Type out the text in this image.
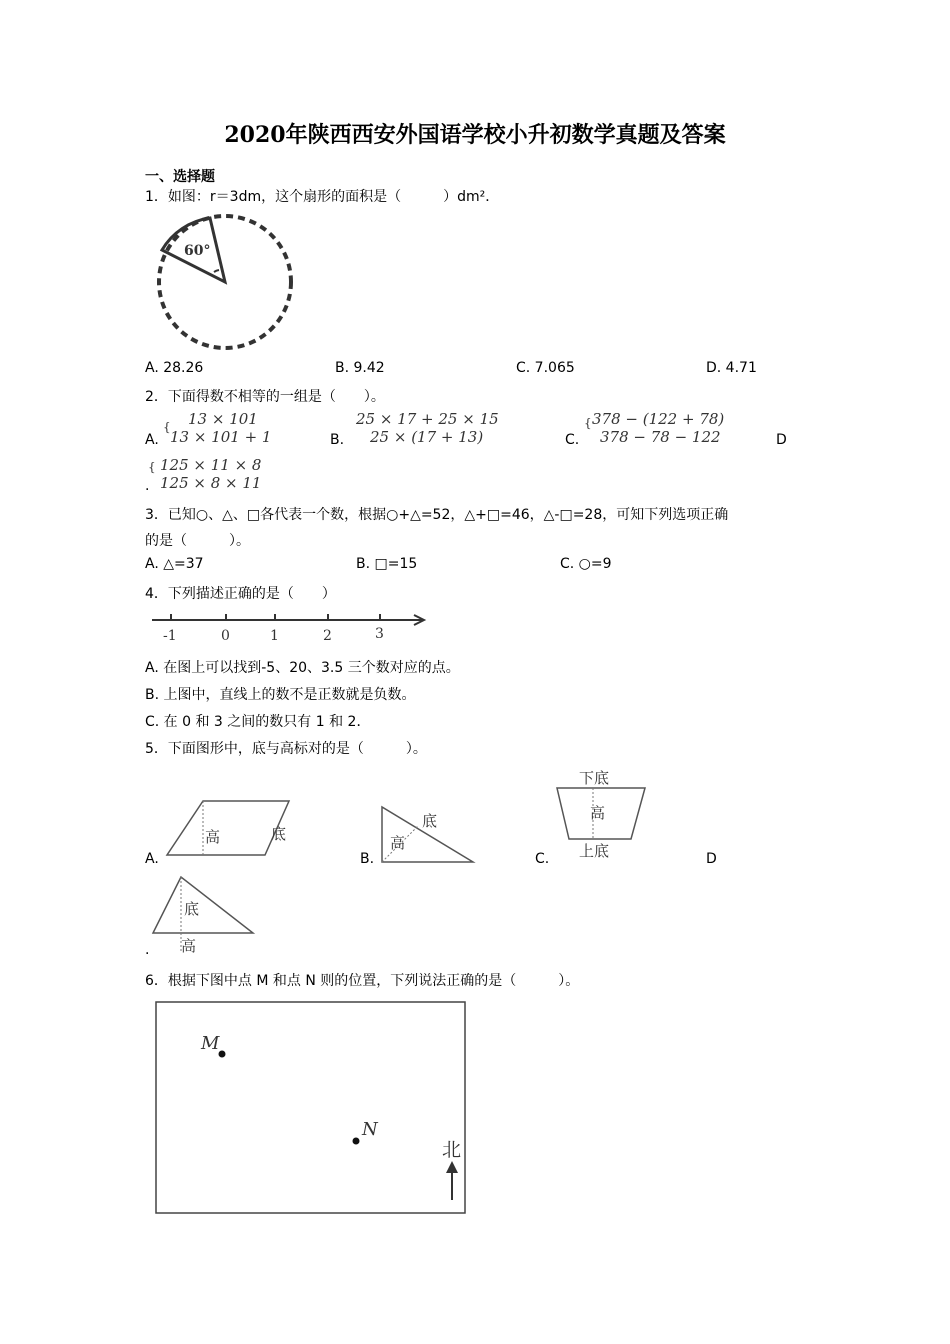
2020年陕西西安外国语学校小升初数学真题及答案
一、选择题
1．如图：r＝3dm，这个扇形的面积是（　　　）dm²．
60°
A. 28.26	B. 9.42	C. 7.065	D. 4.71
2．下面得数不相等的一组是（　　）。
A.
{ 13 × 101
13 × 101 + 1	B.
25 × 17 + 25 × 15
25 × (17 + 13)	C.
{ 378 − (122 + 78)
378 − 78 − 122	D
{ 125 × 11 × 8
125 × 8 × 11
.
3．已知○、△、□各代表一个数，根据○+△=52，△+□=46，△-□=28，可知下列选项正确
的是（　　　）。
A. △=37	B. □=15	C. ○=9
4．下列描述正确的是（　　）
-1	0	1	2	3
A. 在图上可以找到-5、20、3.5 三个数对应的点。
B. 上图中，直线上的数不是正数就是负数。
C. 在 0 和 3 之间的数只有 1 和 2．
5．下面图形中，底与高标对的是（　　　）。
A.
高	底
B.
底
高
C.
下底
高
上底	D
底
高
.
6．根据下图中点 M 和点 N 则的位置，下列说法正确的是（　　　）。
M
N
北
